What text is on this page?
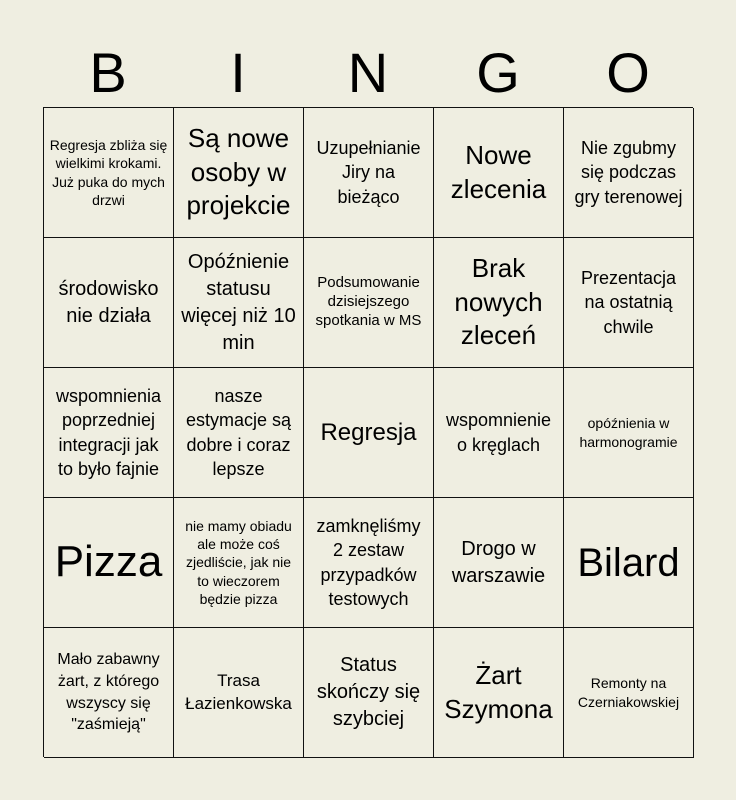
B	I	N	G	O
Regresja zbliża się wielkimi krokami. Już puka do mych drzwi
Są nowe osoby w projekcie
Uzupełnianie Jiry na bieżąco
Nowe zlecenia
Nie zgubmy się podczas gry terenowej
środowisko nie działa
Opóźnienie statusu więcej niż 10 min
Podsumowanie dzisiejszego spotkania w MS
Brak nowych zleceń
Prezentacja na ostatnią chwile
wspomnienia poprzedniej integracji jak to było fajnie
nasze estymacje są dobre i coraz lepsze
Regresja	wspomnienie o kręglach
opóźnienia w harmonogramie
Pizza
nie mamy obiadu ale może coś zjedliście, jak nie to wieczorem będzie pizza
zamknęliśmy 2 zestaw przypadków testowych
Drogo w warszawie Bilard
Mało zabawny żart, z którego wszyscy się "zaśmieją"
Trasa Łazienkowska
Status skończy się szybciej
Żart Szymona
Remonty na Czerniakowskiej
